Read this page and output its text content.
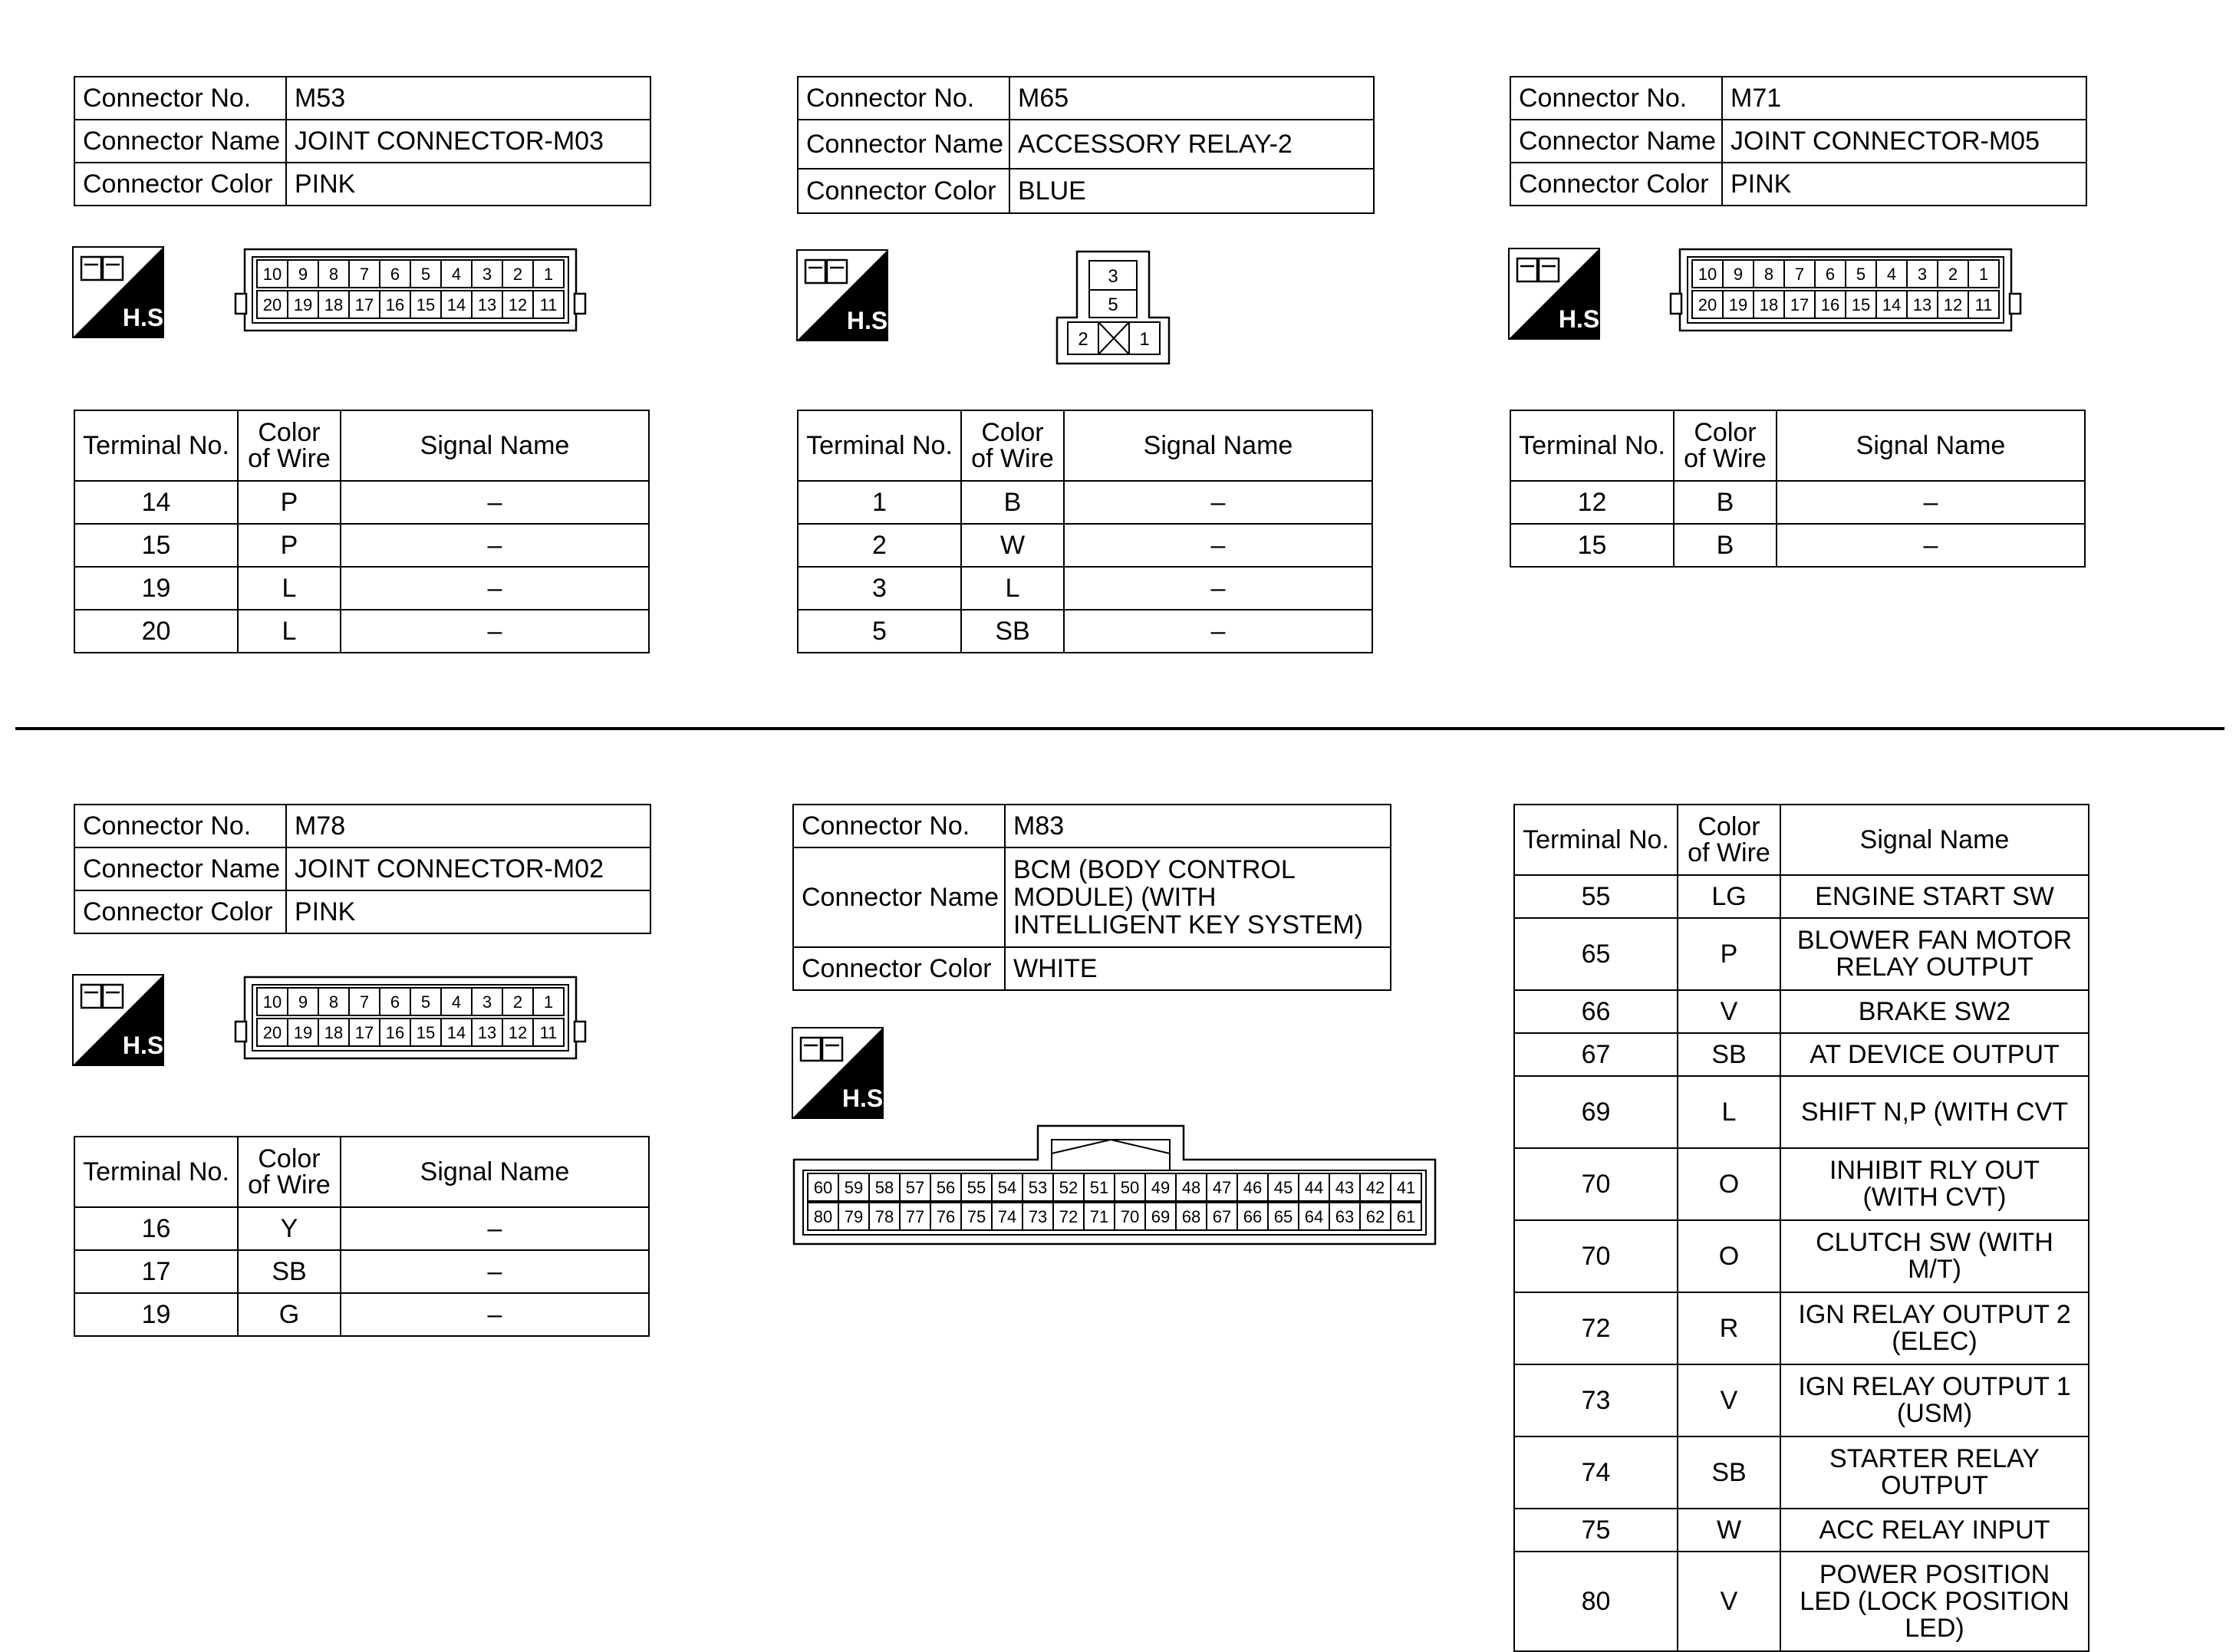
Connector No.	M53
Connector Name	JOINT CONNECTOR-M03
Connector Color	PINK
Connector No.	M65
Connector Name	ACCESSORY RELAY-2
Connector Color	BLUE
Connector No.	M71
Connector Name	JOINT CONNECTOR-M05
Connector Color	PINK
Connector No.	M78
Connector Name	JOINT CONNECTOR-M02
Connector Color	PINK
Connector No.	M83
Connector Name	BCM (BODY CONTROL MODULE) (WITH INTELLIGENT KEY SYSTEM)
Connector Color	WHITE
H.S.	H.S.	H.S.
H.S.
H.S.
10 9 8 7 6 5 4 3 2 1
20 19 18 17 16 15 14 13 12 11
3
5
2	1
10 9 8 7 6 5 4 3 2 1
20 19 18 17 16 15 14 13 12 11
10 9 8 7 6 5 4 3 2 1
20 19 18 17 16 15 14 13 12 11
60 59 58 57 56 55 54 53 52 51 50 49 48 47 46 45 44 43 42 41
80 79 78 77 76 75 74 73 72 71 70 69 68 67 66 65 64 63 62 61
Terminal No.	Color of Wire	Signal Name
14	P	–
15	P	–
19	L	–
20	L	–
Terminal No.	Color of Wire	Signal Name
1	B	–
2	W	–
3	L	–
5	SB	–
Terminal No.	Color of Wire	Signal Name
12	B	–
15	B	–
Terminal No.	Color of Wire	Signal Name
16	Y	–
17	SB	–
19	G	–
Terminal No.	Color of Wire	Signal Name
55	LG	ENGINE START SW
65	P	BLOWER FAN MOTOR RELAY OUTPUT
66	V	BRAKE SW2
67	SB	AT DEVICE OUTPUT
69	L	SHIFT N,P (WITH CVT
70	O	INHIBIT RLY OUT (WITH CVT)
70	O	CLUTCH SW (WITH M/T)
72	R	IGN RELAY OUTPUT 2 (ELEC)
73	V	IGN RELAY OUTPUT 1 (USM)
74	SB	STARTER RELAY OUTPUT
75	W	ACC RELAY INPUT
80	V	POWER POSITION LED (LOCK POSITION LED)
